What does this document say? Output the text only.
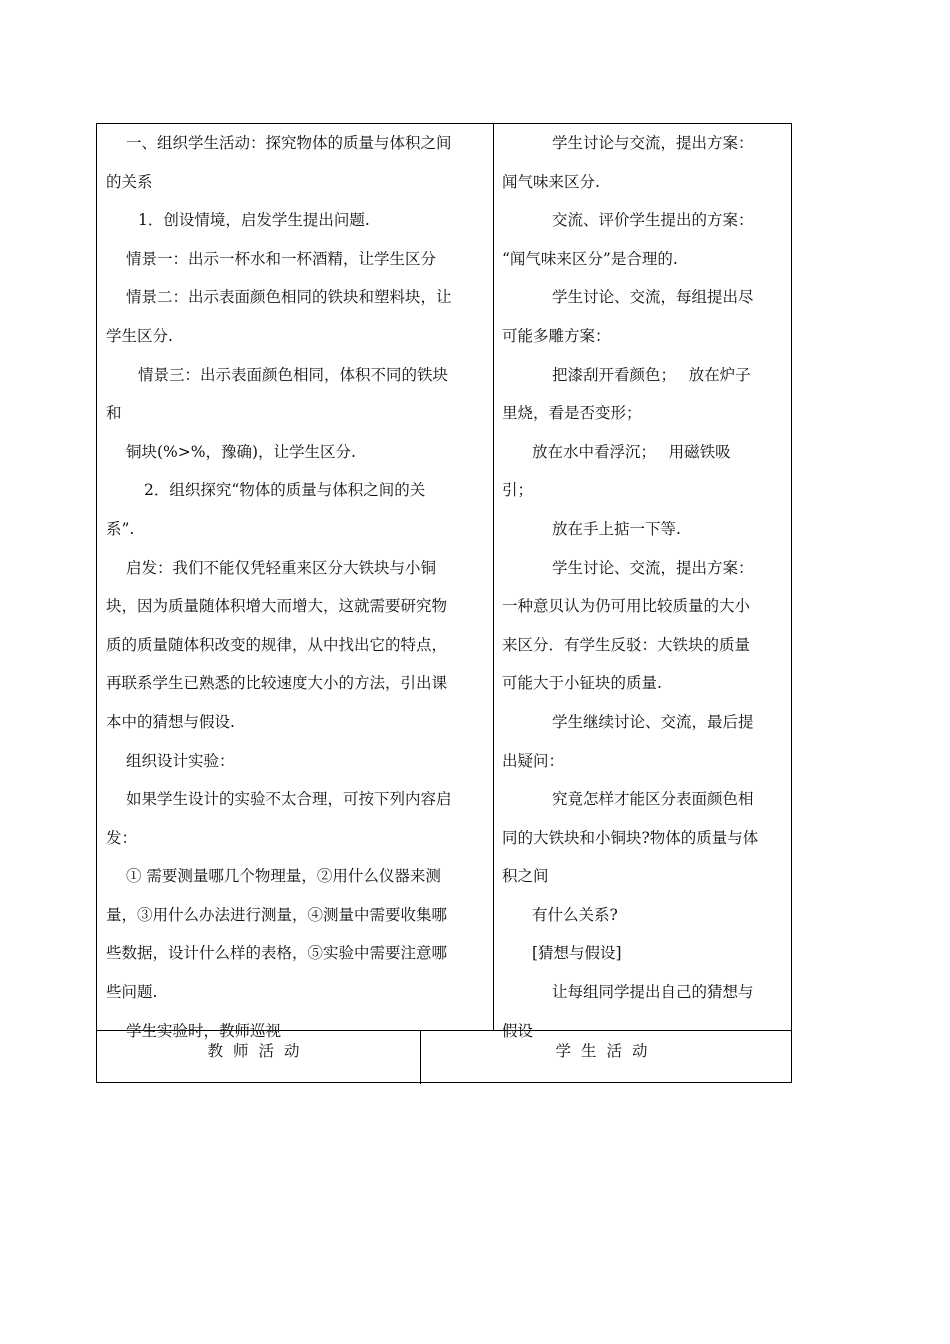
一、组织学生活动：探究物体的质量与体积之间

的关系

1．创设情境，启发学生提出问题.

情景一：出示一杯水和一杯酒精，让学生区分

情景二：出示表面颜色相同的铁块和塑料块，让

学生区分.

情景三：出示表面颜色相同，体积不同的铁块

和

铜块(%>%，豫确)，让学生区分.

2．组织探究“物体的质量与体积之间的关

系”.

启发：我们不能仅凭轻重来区分大铁块与小铜

块，因为质量随体积增大而增大，这就需要研究物

质的质量随体积改变的规律，从中找出它的特点，

再联系学生已熟悉的比较速度大小的方法，引出课

本中的猜想与假设.

组织设计实验：

如果学生设计的实验不太合理，可按下列内容启

发：

① 需要测量哪几个物理量，②用什么仪器来测

量，③用什么办法进行测量，④测量中需要收集哪

些数据，设计什么样的表格，⑤实验中需要注意哪

些问题.

学生实验时，教师巡视

学生讨论与交流，提出方案：

闻气味来区分.

交流、评价学生提出的方案：

“闻气味来区分”是合理的.

学生讨论、交流，每组提出尽

可能多雕方案：

把漆刮开看颜色；　 放在炉子

里烧，看是否变形；

放在水中看浮沉；　 用磁铁吸

引；

放在手上掂一下等.

学生讨论、交流，提出方案：

一种意贝认为仍可用比较质量的大小

来区分．有学生反驳：大铁块的质量

可能大于小钲块的质量.

学生继续讨论、交流，最后提

出疑问：

究竟怎样才能区分表面颜色相

同的大铁块和小铜块?物体的质量与体

积之间

有什么关系?

[猜想与假设]

让每组同学提出自己的猜想与

假设

教师活动	学生活动
